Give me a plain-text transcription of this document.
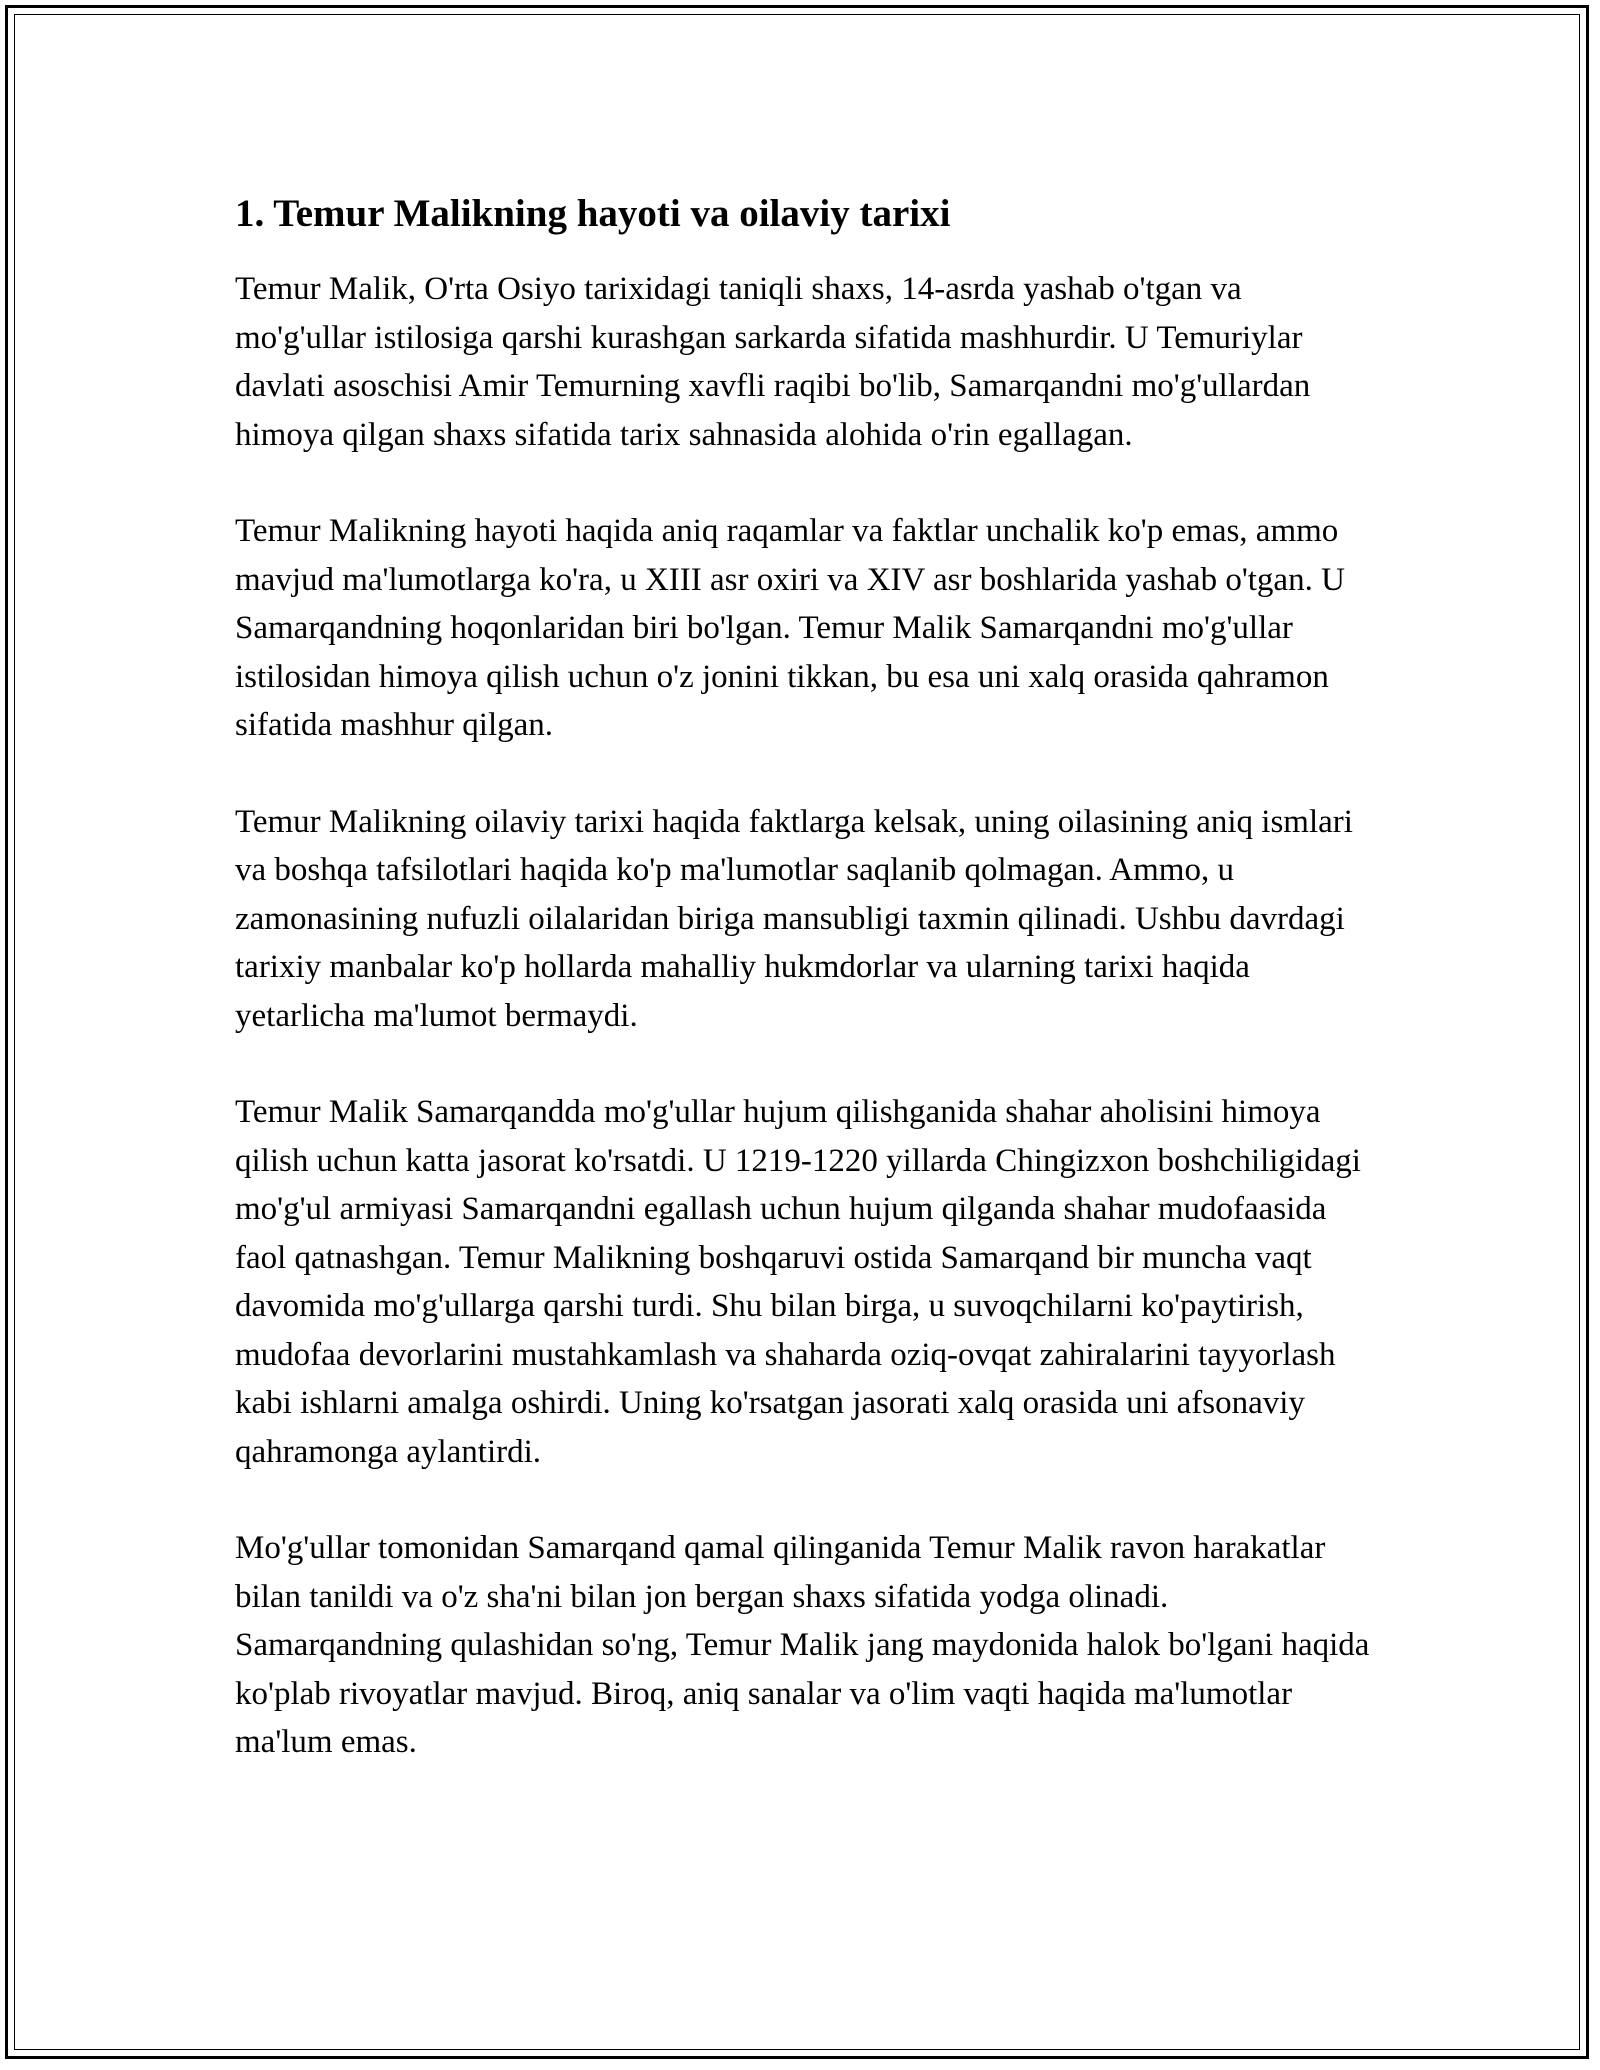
1. Temur Malikning hayoti va oilaviy tarixi

Temur Malik, O'rta Osiyo tarixidagi taniqli shaxs, 14-asrda yashab o'tgan va mo'g'ullar istilosiga qarshi kurashgan sarkarda sifatida mashhurdir. U Temuriylar davlati asoschisi Amir Temurning xavfli raqibi bo'lib, Samarqandni mo'g'ullardan himoya qilgan shaxs sifatida tarix sahnasida alohida o'rin egallagan.

Temur Malikning hayoti haqida aniq raqamlar va faktlar unchalik ko'p emas, ammo mavjud ma'lumotlarga ko'ra, u XIII asr oxiri va XIV asr boshlarida yashab o'tgan. U Samarqandning hoqonlaridan biri bo'lgan. Temur Malik Samarqandni mo'g'ullar istilosidan himoya qilish uchun o'z jonini tikkan, bu esa uni xalq orasida qahramon sifatida mashhur qilgan.

Temur Malikning oilaviy tarixi haqida faktlarga kelsak, uning oilasining aniq ismlari va boshqa tafsilotlari haqida ko'p ma'lumotlar saqlanib qolmagan. Ammo, u zamonasining nufuzli oilalaridan biriga mansubligi taxmin qilinadi. Ushbu davrdagi tarixiy manbalar ko'p hollarda mahalliy hukmdorlar va ularning tarixi haqida yetarlicha ma'lumot bermaydi.

Temur Malik Samarqandda mo'g'ullar hujum qilishganida shahar aholisini himoya qilish uchun katta jasorat ko'rsatdi. U 1219-1220 yillarda Chingizxon boshchiligidagi mo'g'ul armiyasi Samarqandni egallash uchun hujum qilganda shahar mudofaasida faol qatnashgan. Temur Malikning boshqaruvi ostida Samarqand bir muncha vaqt davomida mo'g'ullarga qarshi turdi. Shu bilan birga, u suvoqchilarni ko'paytirish, mudofaa devorlarini mustahkamlash va shaharda oziq-ovqat zahiralarini tayyorlash kabi ishlarni amalga oshirdi. Uning ko'rsatgan jasorati xalq orasida uni afsonaviy qahramonga aylantirdi.

Mo'g'ullar tomonidan Samarqand qamal qilinganida Temur Malik ravon harakatlar bilan tanildi va o'z sha'ni bilan jon bergan shaxs sifatida yodga olinadi. Samarqandning qulashidan so'ng, Temur Malik jang maydonida halok bo'lgani haqida ko'plab rivoyatlar mavjud. Biroq, aniq sanalar va o'lim vaqti haqida ma'lumotlar ma'lum emas.
